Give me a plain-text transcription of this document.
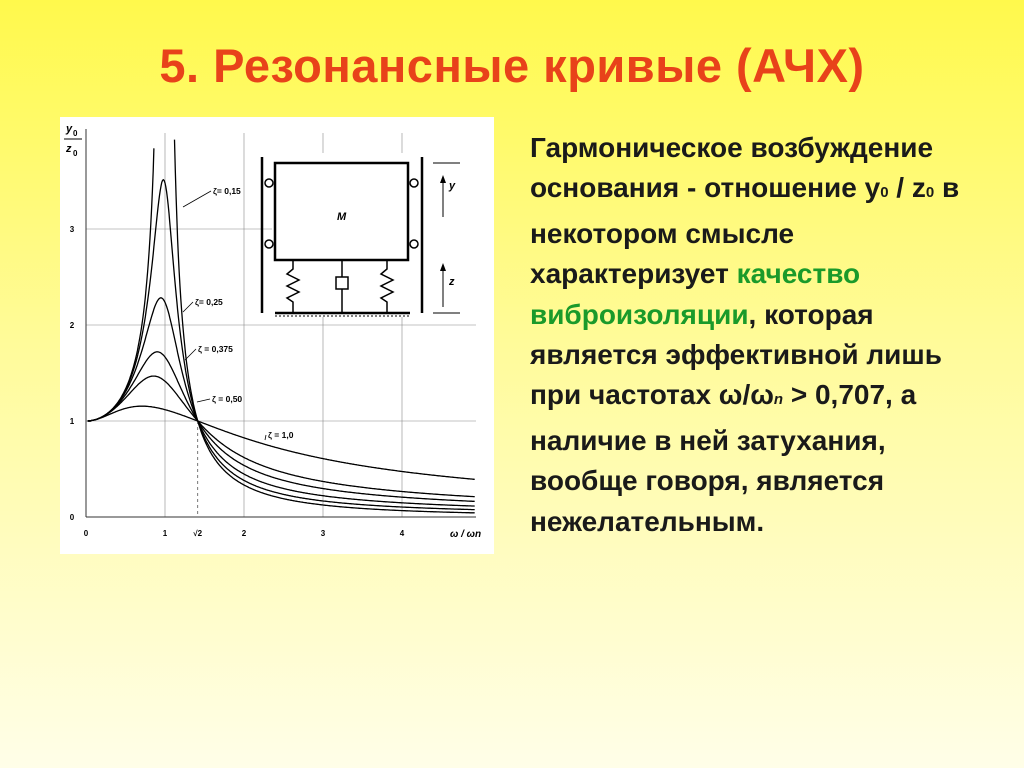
5. Резонансные кривые (АЧХ)
0	1	√2	2	3	4
0
1
2
3
y 0
z 0
ζ= 0,15
ζ= 0,25
ζ = 0,375
ζ = 0,50
ζ = 1,0
M
y
z
ω / ωn
Гармоническое возбуждение основания - отношение y0 / z0 в некотором смысле характеризует качество виброизоляции, которая является эффективной лишь при частотах ω/ωn > 0,707, а наличие в ней затухания, вообще говоря, является нежелательным.
